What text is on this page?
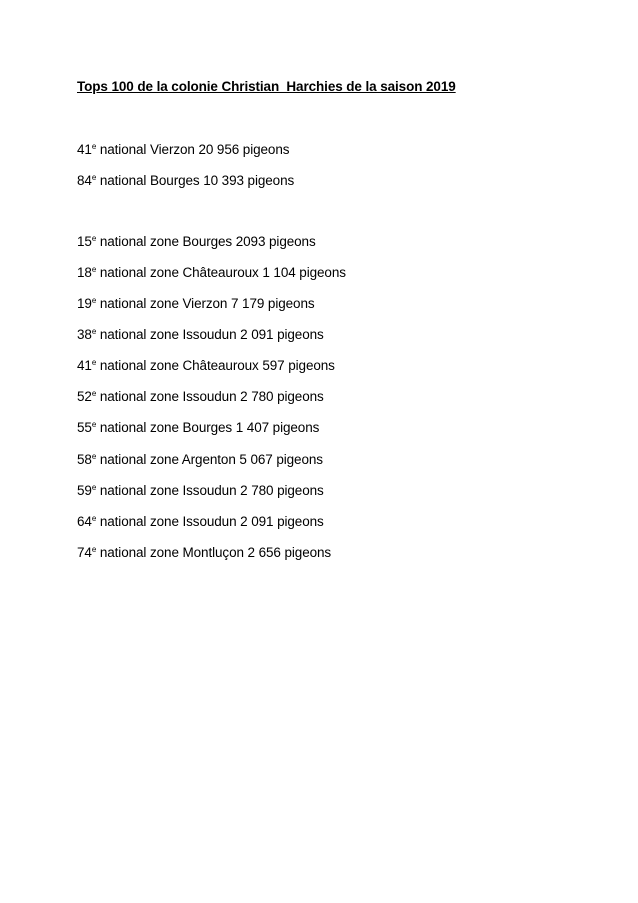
Tops 100 de la colonie Christian  Harchies de la saison 2019
41e national Vierzon 20 956 pigeons
84e national Bourges 10 393 pigeons
15e national zone Bourges 2093 pigeons
18e national zone Châteauroux 1 104 pigeons
19e national zone Vierzon 7 179 pigeons
38e national zone Issoudun 2 091 pigeons
41e national zone Châteauroux 597 pigeons
52e national zone Issoudun 2 780 pigeons
55e national zone Bourges 1 407 pigeons
58e national zone Argenton 5 067 pigeons
59e national zone Issoudun 2 780 pigeons
64e national zone Issoudun 2 091 pigeons
74e national zone Montluçon 2 656 pigeons
